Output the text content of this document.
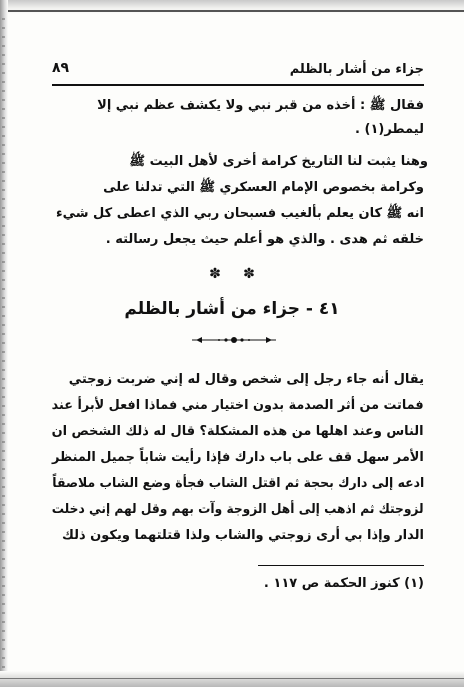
جزاء من أشار بالظلم
٨٩
فقال ﷺ : أخذه من قبر نبي ولا يكشف عظم نبي إلا
ليمطر(١) .
وهنا يثبت لنا التاريخ كرامة أخرى لأهل البيت ﷺ
وكرامة بخصوص الإمام العسكري ﷺ التي تدلنا على
انه ﷺ كان يعلم بألغيب فسبحان ربي الذي اعطى كل شيء
خلقه ثم هدى . والذي هو أعلم حيث يجعل رسالته .
✽ ✽
٤١ - جزاء من أشار بالظلم
يقال أنه جاء رجل إلى شخص وقال له إني ضربت زوجتي
فماتت من أثر الصدمة بدون اختيار مني فماذا افعل لأبرأ عند
الناس وعند اهلها من هذه المشكلة؟ قال له ذلك الشخص ان
الأمر سهل قف على باب دارك فإذا رأيت شاباً جميل المنظر
ادعه إلى دارك بحجة ثم اقتل الشاب فجأة وضع الشاب ملاصقاً
لزوجتك ثم اذهب إلى أهل الزوجة وآت بهم وقل لهم إني دخلت
الدار وإذا بي أرى زوجتي والشاب ولذا قتلتهما ويكون ذلك
(١) كنوز الحكمة ص ١١٧ .
